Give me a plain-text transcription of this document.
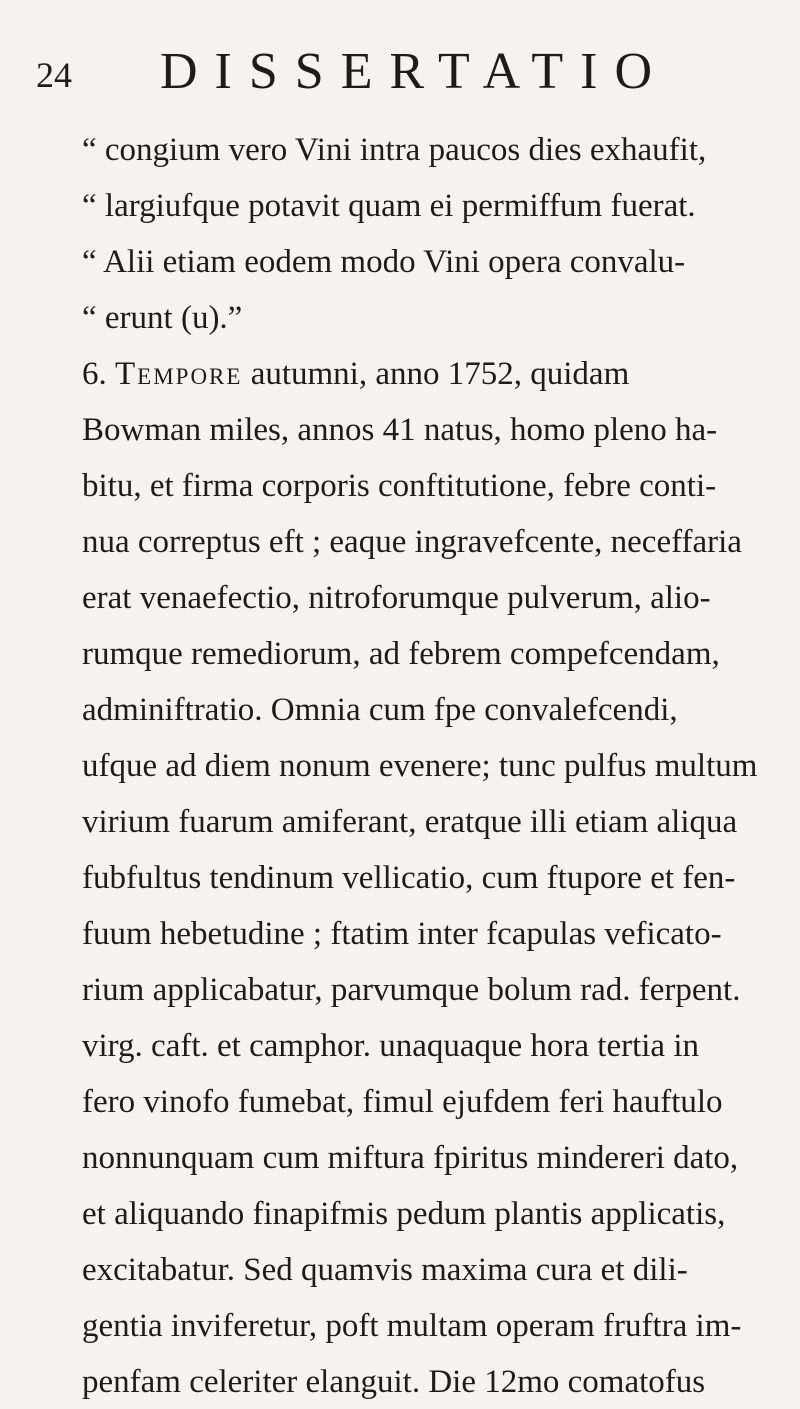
24 DISSERTATIO
“ congium vero Vini intra paucos dies exhaufit,
“ largiufque potavit quam ei permiffum fuerat.
“ Alii etiam eodem modo Vini opera convalu-
“ erunt (u).”
6. Tempore autumni, anno 1752, quidam
Bowman miles, annos 41 natus, homo pleno ha-
bitu, et firma corporis conftitutione, febre conti-
nua correptus eft ; eaque ingravefcente, neceffaria
erat venaefectio, nitroforumque pulverum, alio-
rumque remediorum, ad febrem compefcendam,
adminiftratio. Omnia cum fpe convalefcendi,
ufque ad diem nonum evenere; tunc pulfus multum
virium fuarum amiferant, eratque illi etiam aliqua
fubfultus tendinum vellicatio, cum ftupore et fen-
fuum hebetudine ; ftatim inter fcapulas veficato-
rium applicabatur, parvumque bolum rad. ferpent.
virg. caft. et camphor. unaquaque hora tertia in
fero vinofo fumebat, fimul ejufdem feri hauftulo
nonnunquam cum miftura fpiritus mindereri dato,
et aliquando finapifmis pedum plantis applicatis,
excitabatur. Sed quamvis maxima cura et dili-
gentia inviferetur, poft multam operam fruftra im-
penfam celeriter elanguit. Die 12mo comatofus
